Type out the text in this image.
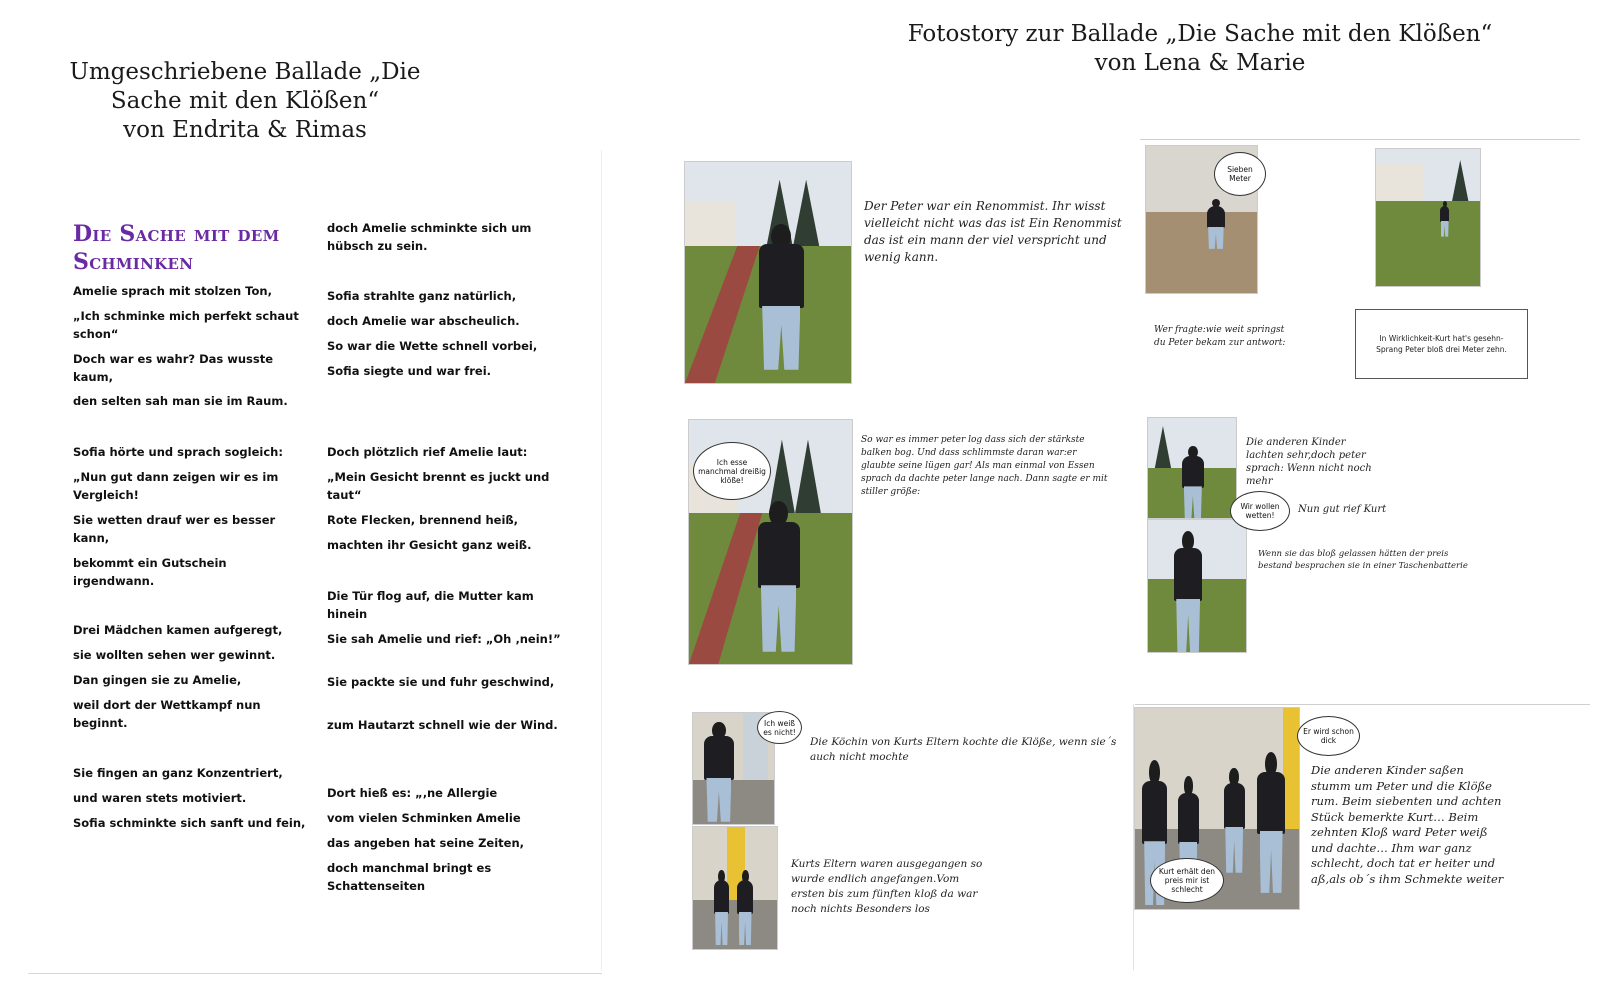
Umgeschriebene Ballade „Die
Sache mit den Klößen“
von Endrita & Rimas
Die Sache mit dem Schminken
Amelie sprach mit stolzen Ton,
„Ich schminke mich perfekt schaut schon“
Doch war es wahr? Das wusste kaum,
den selten sah man sie im Raum.
Sofia hörte und sprach sogleich:
„Nun gut dann zeigen wir es im Vergleich!
Sie wetten drauf wer es besser kann,
bekommt ein Gutschein irgendwann.
Drei Mädchen kamen aufgeregt,
sie wollten sehen wer gewinnt.
Dan gingen sie zu Amelie,
weil dort der Wettkampf nun beginnt.
Sie fingen an ganz Konzentriert,
und waren stets motiviert.
Sofia schminkte sich sanft und fein,
doch Amelie schminkte sich um hübsch zu sein.
Sofia strahlte ganz natürlich,
doch Amelie war abscheulich.
So war die Wette schnell vorbei,
Sofia siegte und war frei.
Doch plötzlich rief Amelie laut:
„Mein Gesicht brennt es juckt und taut“
Rote Flecken, brennend heiß,
machten ihr Gesicht ganz weiß.
Die Tür flog auf, die Mutter kam hinein
Sie sah Amelie und rief: „Oh ‚nein!”
Sie packte sie und fuhr geschwind,
zum Hautarzt schnell wie der Wind.
Dort hieß es: „‚ne Allergie
vom vielen Schminken Amelie
das angeben hat seine Zeiten,
doch manchmal bringt es Schattenseiten
Fotostory zur Ballade „Die Sache mit den Klößen“
von Lena & Marie
Der Peter war ein Renommist. Ihr wisst vielleicht nicht was das ist Ein Renommist das ist ein mann der viel verspricht und wenig kann.
Sieben Meter
Wer fragte:wie weit springst du Peter bekam zur antwort:	In Wirklichkeit-Kurt hat's gesehn- Sprang Peter bloß drei Meter zehn.
Ich esse manchmal dreißig klöße!
So war es immer peter log dass sich der stärkste balken bog. Und dass schlimmste daran war:er glaubte seine lügen gar! Als man einmal von Essen sprach da dachte peter lange nach. Dann sagte er mit stiller größe:
Die anderen Kinder lachten sehr,doch peter sprach: Wenn nicht noch mehr
Wir wollen wetten!
Nun gut rief Kurt
Wenn sie das bloß gelassen hätten der preis bestand besprachen sie in einer Taschenbatterie
Ich weiß es nicht!
Die Köchin von Kurts Eltern kochte die Klöße, wenn sie´s auch nicht mochte
Kurts Eltern waren ausgegangen so wurde endlich angefangen.Vom ersten bis zum fünften kloß da war noch nichts Besonders los
Er wird schon dick
Kurt erhält den preis mir ist schlecht
Die anderen Kinder saßen stumm um Peter und die Klöße rum. Beim siebenten und achten Stück bemerkte Kurt… Beim zehnten Kloß ward Peter weiß und dachte… Ihm war ganz schlecht, doch tat er heiter und aß,als ob´s ihm Schmekte weiter
